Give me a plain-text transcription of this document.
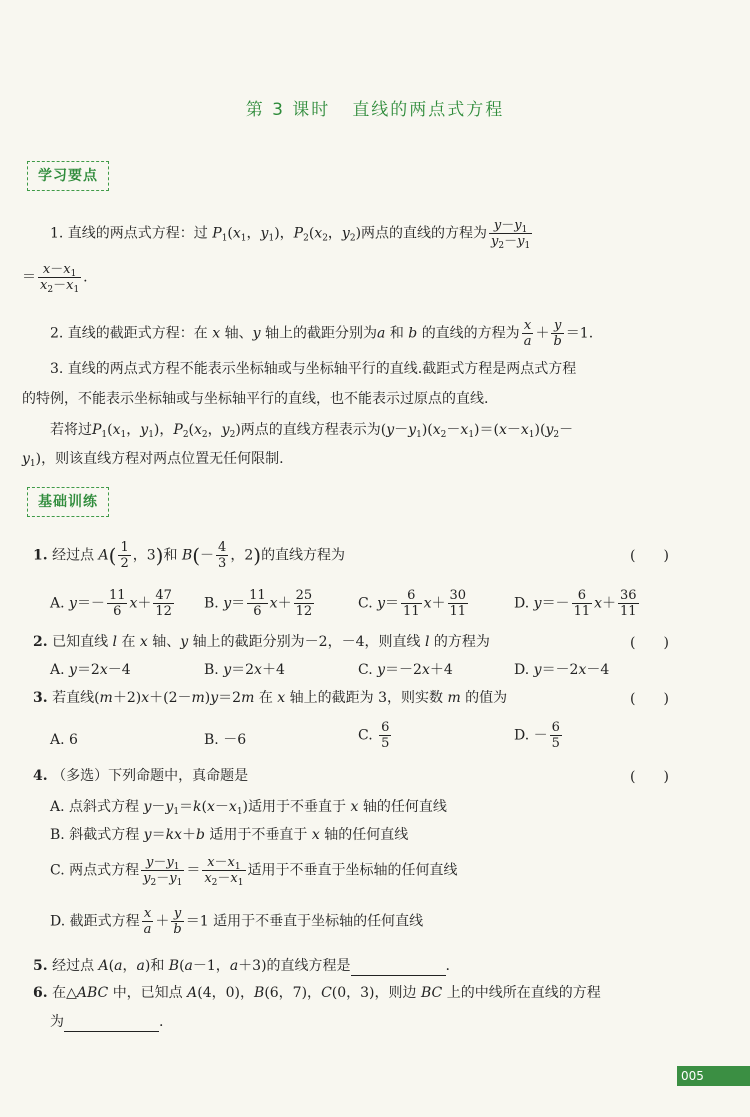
第 3 课时 直线的两点式方程
学习要点
1. 直线的两点式方程：过 $P_1(x_1$，$y_1$)，$P_2(x_2$，$y_2$)两点的直线的方程为 $\frac{y-y_1}{y_2-y_1}$
＝ $\frac{x-x_1}{x_2-x_1}$ .
2. 直线的截距式方程：在 x 轴、y 轴上的截距分别为a 和 b 的直线的方程为 $\frac{x}{a} + \frac{y}{b} =1$.
3. 直线的两点式方程不能表示坐标轴或与坐标轴平行的直线.截距式方程是两点式方程
的特例，不能表示坐标轴或与坐标轴平行的直线，也不能表示过原点的直线.
若将过$P_1(x_1$，$y_1$)，$P_2(x_2$，$y_2$)两点的直线方程表示为$(y-y_1)(x_2-x_1)=(x-x_1)(y_2-$
$y_1$)，则该直线方程对两点位置无任何限制.
基础训练
1. 经过点 $A( \frac{1}{2}$ ，3)和 $B(- \frac{4}{3}$ ，2)的直线方程为	(　　)
A. $y=- \frac{11}{6} x+ \frac{47}{12} B$. $y= \frac{11}{6} x+ \frac{25}{12}$	C. $y= \frac{6}{11} x+ \frac{30}{11}$	D. $y=- \frac{6}{11} x+ \frac{36}{11}$
2. 已知直线 l 在 x 轴、y 轴上的截距分别为－2，－4，则直线 l 的方程为	(　　)
A. y＝2x－4	B. y＝2x＋4	C. y＝－2x＋4	D. y＝－2x－4
3. 若直线(m＋2)x＋(2－m)y＝2m 在 x 轴上的截距为 3，则实数 m 的值为	(　　)
A. 6	B. －6	C. $\frac{6}{5}$	D. － $\frac{6}{5}$
4. （多选）下列命题中，真命题是	(　　)
A. 点斜式方程 $y-y_1=k(x-x_1)$适用于不垂直于 x 轴的任何直线
B. 斜截式方程 y＝kx＋b 适用于不垂直于 x 轴的任何直线
C. 两点式方程 $\frac{y-y_1}{y_2-y_1} = \frac{x-x_1}{x_2-x_1}$ 适用于不垂直于坐标轴的任何直线
D. 截距式方程 $\frac{x}{a} + \frac{y}{b} =1$ 适用于不垂直于坐标轴的任何直线
5. 经过点 A(a，a)和 B(a－1，a＋3)的直线方程是	.
6. 在△ABC 中，已知点 A(4，0)，B(6，7)，C(0，3)，则边 BC 上的中线所在直线的方程
为	.
005
